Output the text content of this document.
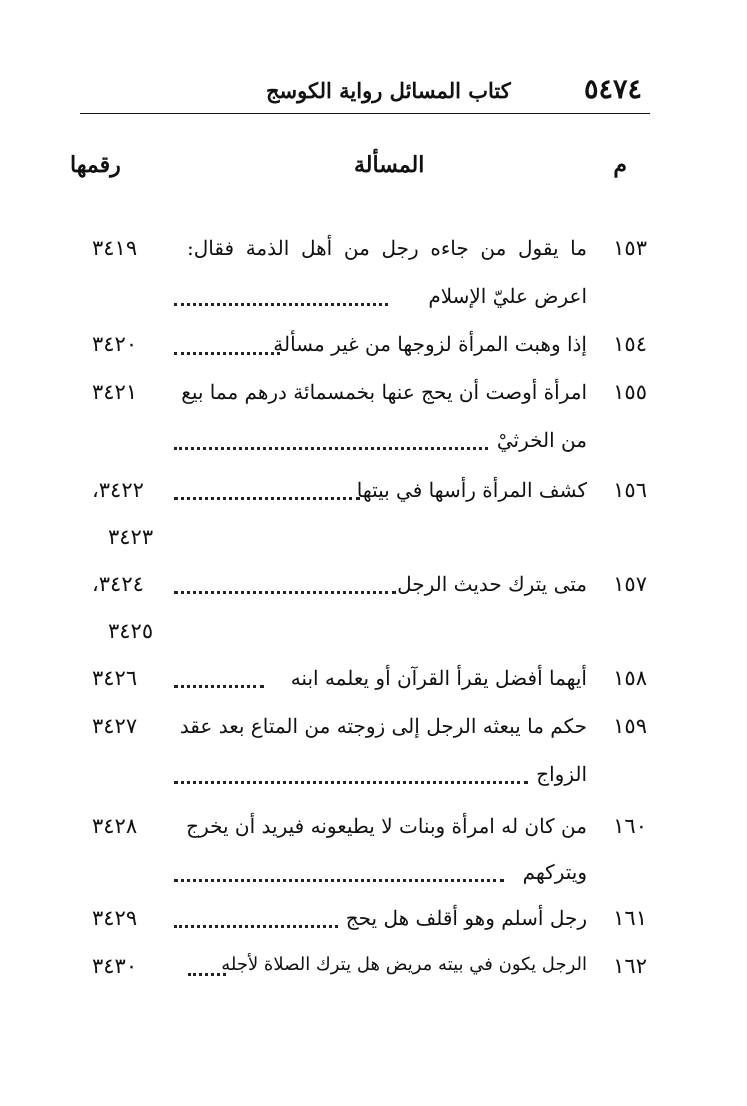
٥٤٧٤
كتاب المسائل رواية الكوسج
م
المسألة
رقمها
١٥٣
ما يقول من جاءه رجل من أهل الذمة فقال:
٣٤١٩
اعرض عليّ الإسلام
١٥٤
إذا وهبت المرأة لزوجها من غير مسألة
٣٤٢٠
١٥٥
امرأة أوصت أن يحج عنها بخمسمائة درهم مما بيع
٣٤٢١
من الخرثيْ
١٥٦
كشف المرأة رأسها في بيتها
٣٤٢٢،
٣٤٢٣
١٥٧
متى يترك حديث الرجل
٣٤٢٤،
٣٤٢٥
١٥٨
أيهما أفضل يقرأ القرآن أو يعلمه ابنه
٣٤٢٦
١٥٩
حكم ما يبعثه الرجل إلى زوجته من المتاع بعد عقد
٣٤٢٧
الزواج
١٦٠
من كان له امرأة وبنات لا يطيعونه فيريد أن يخرج
٣٤٢٨
ويتركهم
١٦١
رجل أسلم وهو أقلف هل يحج
٣٤٢٩
١٦٢
الرجل يكون في بيته مريض هل يترك الصلاة لأجله
٣٤٣٠
